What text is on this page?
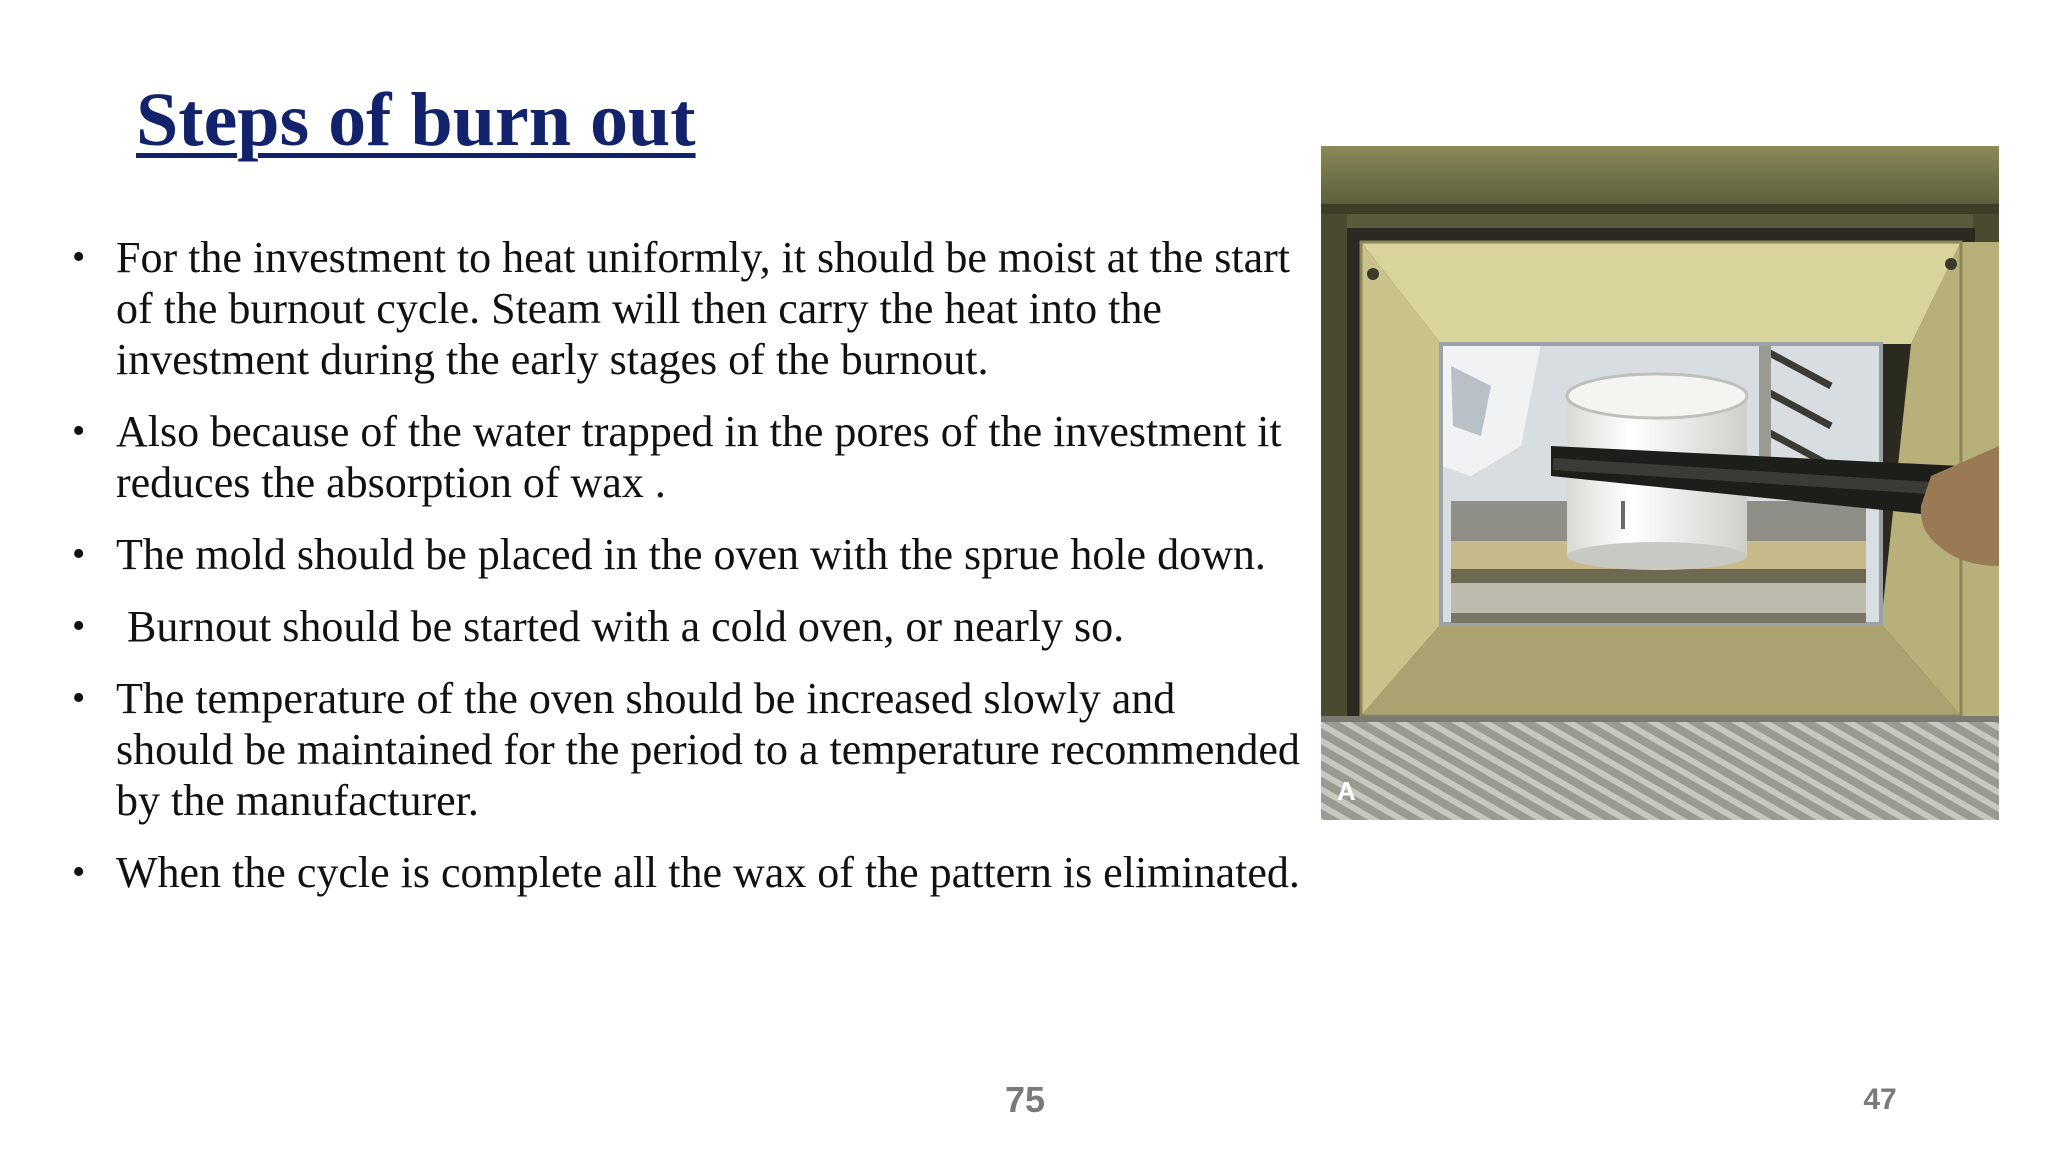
Steps of burn out
• For the investment to heat uniformly, it should be moist at the start of the burnout cycle. Steam will then carry the heat into the investment during the early stages of the burnout.
• Also because of the water trapped in the pores of the investment it reduces the absorption of wax .
• The mold should be placed in the oven with the sprue hole down.
• Burnout should be started with a cold oven, or nearly so.
• The temperature of the oven should be increased slowly and should be maintained for the period to a temperature recommended by the manufacturer.
• When the cycle is complete all the wax of the pattern is eliminated.
A
75	47
